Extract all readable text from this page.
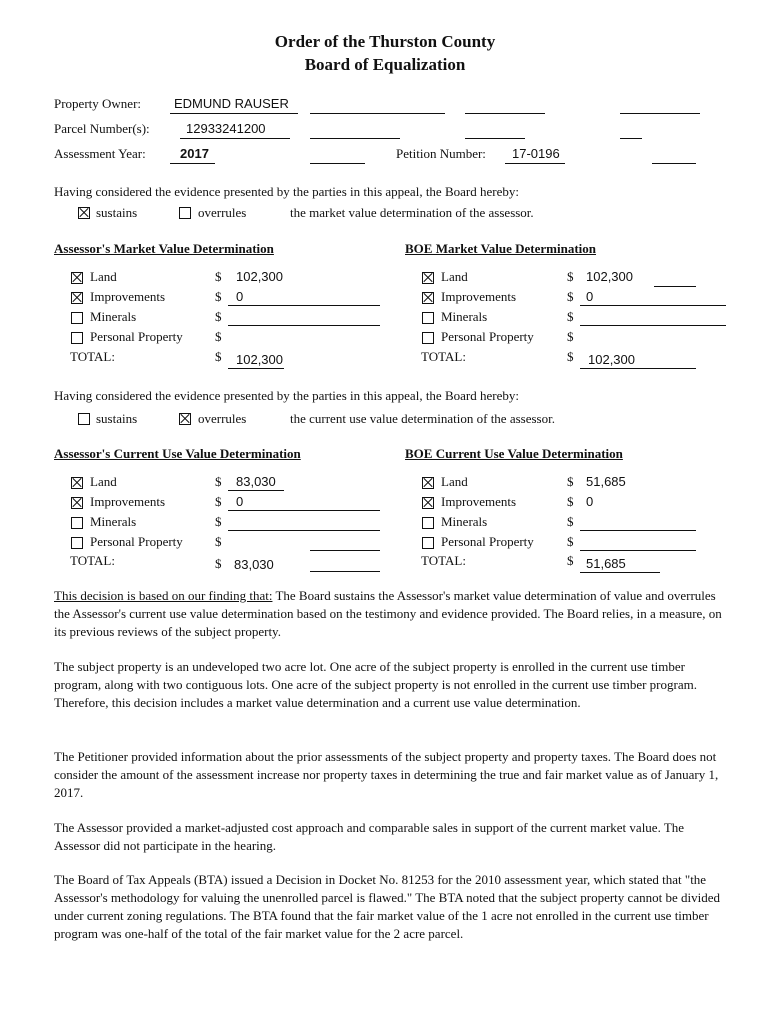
Order of the Thurston County
Board of Equalization
Property Owner:	EDMUND RAUSER
Parcel Number(s):	12933241200
Assessment Year:	2017	Petition Number: 17-0196
Having considered the evidence presented by the parties in this appeal, the Board hereby:
sustains	overrules	the market value determination of the assessor.
Assessor's Market Value Determination
Land	$ 102,300
Improvements	$ 0
Minerals	$
Personal Property $
TOTAL:	$ 102,300
BOE Market Value Determination
Land	$ 102,300
Improvements	$ 0
Minerals	$
Personal Property	$
TOTAL:	$ 102,300
Having considered the evidence presented by the parties in this appeal, the Board hereby:
sustains	overrules	the current use value determination of the assessor.
Assessor's Current Use Value Determination
Land	$ 83,030
Improvements	$ 0
Minerals	$
Personal Property $
TOTAL:	$ 83,030
BOE Current Use Value Determination
Land	$ 51,685
Improvements	$ 0
Minerals	$
Personal Property	$
TOTAL:	$ 51,685
This decision is based on our finding that: The Board sustains the Assessor's market value determination of value and overrules the Assessor's current use value determination based on the testimony and evidence provided. The Board relies, in a measure, on its previous reviews of the subject property.
The subject property is an undeveloped two acre lot. One acre of the subject property is enrolled in the current use timber program, along with two contiguous lots. One acre of the subject property is not enrolled in the current use timber program. Therefore, this decision includes a market value determination and a current use value determination.
The Petitioner provided information about the prior assessments of the subject property and property taxes. The Board does not consider the amount of the assessment increase nor property taxes in determining the true and fair market value as of January 1, 2017.
The Assessor provided a market-adjusted cost approach and comparable sales in support of the current market value. The Assessor did not participate in the hearing.
The Board of Tax Appeals (BTA) issued a Decision in Docket No. 81253 for the 2010 assessment year, which stated that "the Assessor's methodology for valuing the unenrolled parcel is flawed." The BTA noted that the subject property cannot be divided under current zoning regulations. The BTA found that the fair market value of the 1 acre not enrolled in the current use timber program was one-half of the total of the fair market value for the 2 acre parcel.
